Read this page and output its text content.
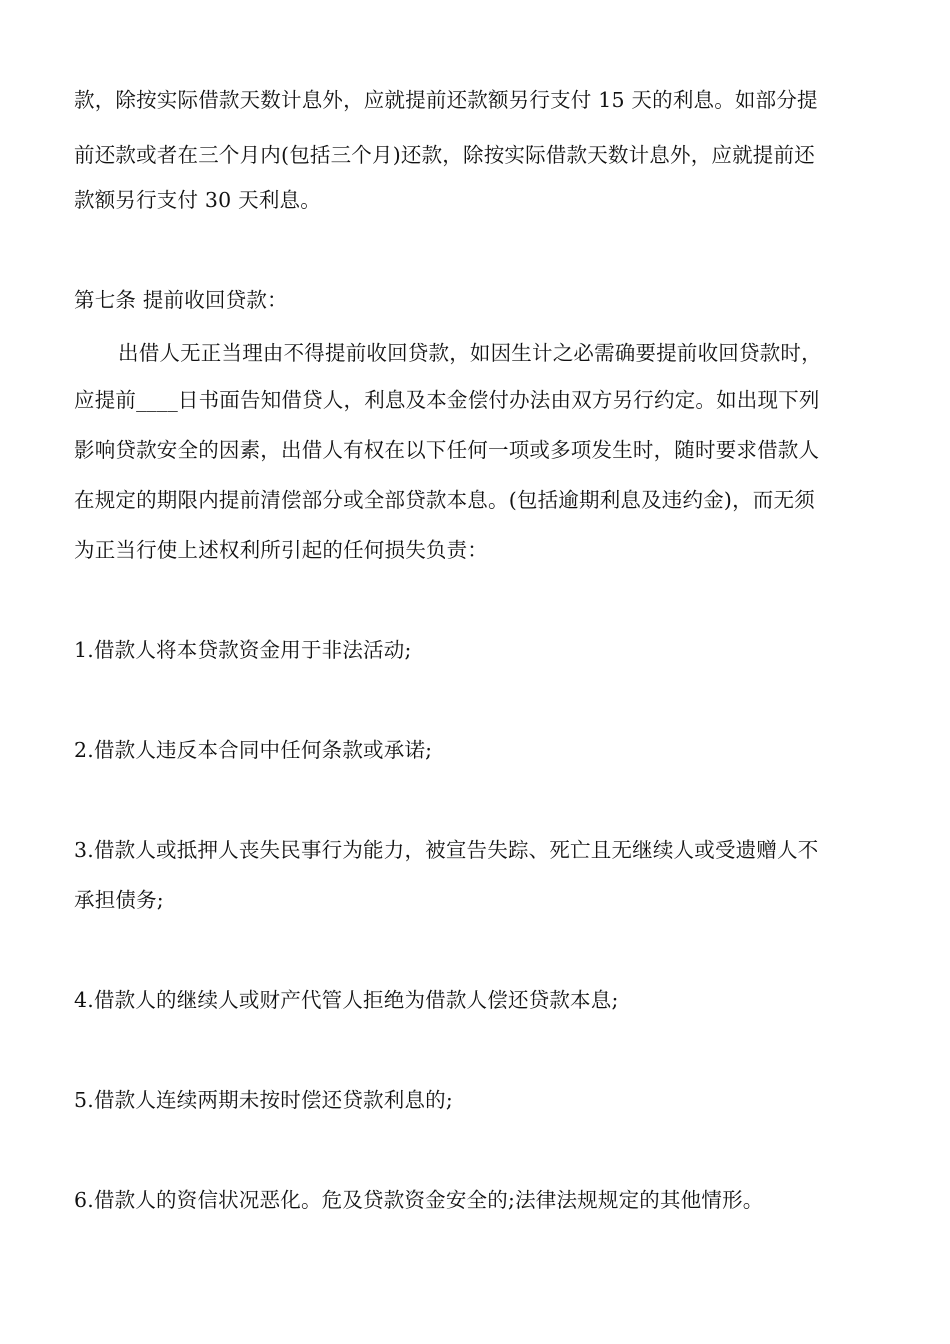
款，除按实际借款天数计息外，应就提前还款额另行支付 15 天的利息。如部分提
前还款或者在三个月内(包括三个月)还款，除按实际借款天数计息外，应就提前还
款额另行支付 30 天利息。
第七条 提前收回贷款：
出借人无正当理由不得提前收回贷款，如因生计之必需确要提前收回贷款时，
应提前____日书面告知借贷人，利息及本金偿付办法由双方另行约定。如出现下列
影响贷款安全的因素，出借人有权在以下任何一项或多项发生时，随时要求借款人
在规定的期限内提前清偿部分或全部贷款本息。(包括逾期利息及违约金)，而无须
为正当行使上述权利所引起的任何损失负责：
1.借款人将本贷款资金用于非法活动;
2.借款人违反本合同中任何条款或承诺;
3.借款人或抵押人丧失民事行为能力，被宣告失踪、死亡且无继续人或受遗赠人不
承担债务;
4.借款人的继续人或财产代管人拒绝为借款人偿还贷款本息;
5.借款人连续两期未按时偿还贷款利息的;
6.借款人的资信状况恶化。危及贷款资金安全的;法律法规规定的其他情形。
